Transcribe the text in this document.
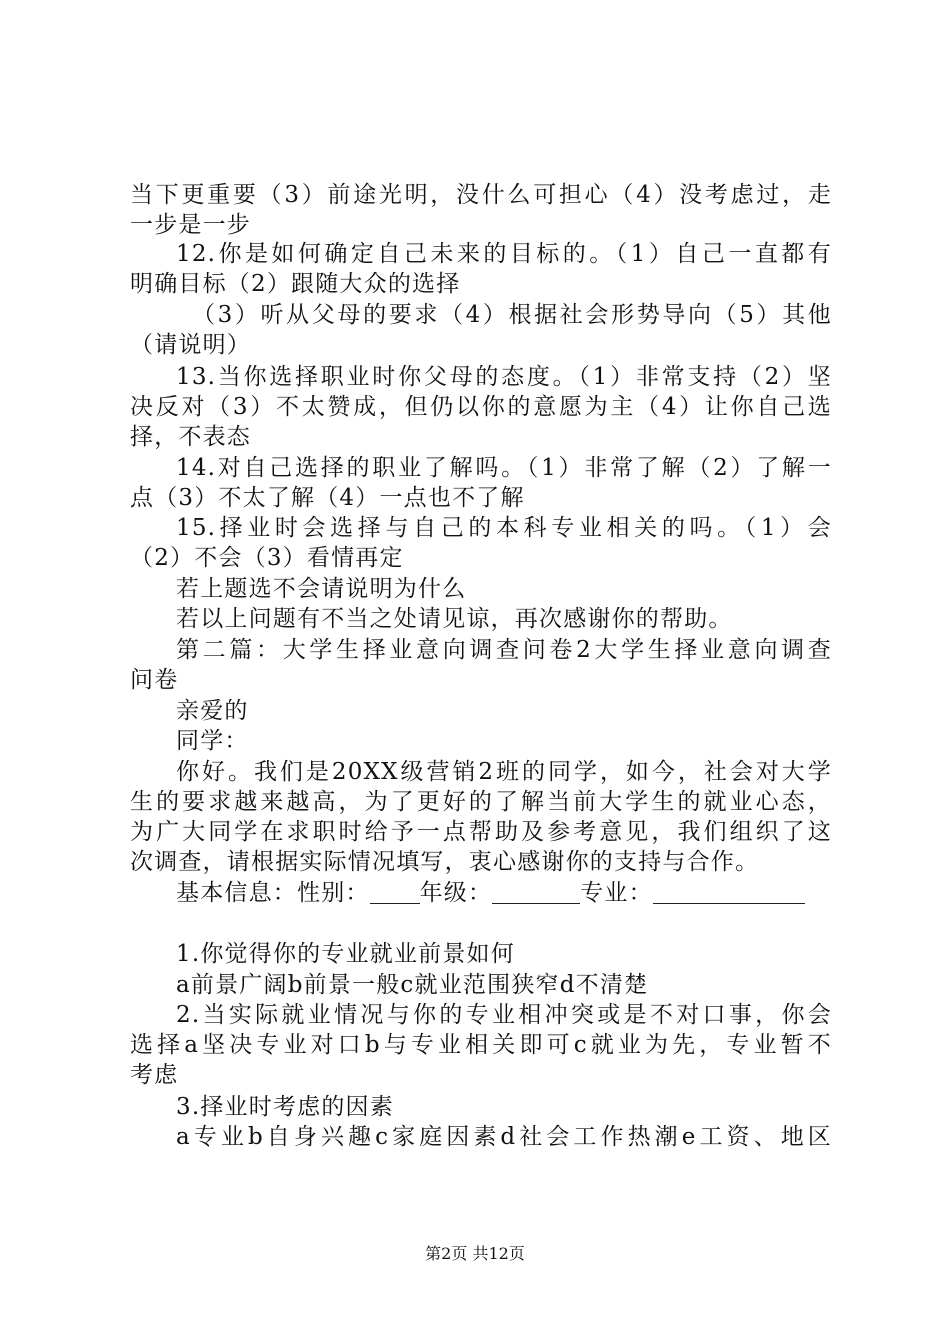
当下更重要（3）前途光明，没什么可担心（4）没考虑过，走

一步是一步

12.你是如何确定自己未来的目标的。（1）自己一直都有

明确目标（2）跟随大众的选择

（3）听从父母的要求（4）根据社会形势导向（5）其他

（请说明）

13.当你选择职业时你父母的态度。（1）非常支持（2）坚

决反对（3）不太赞成，但仍以你的意愿为主（4）让你自己选

择，不表态

14.对自己选择的职业了解吗。（1）非常了解（2）了解一

点（3）不太了解（4）一点也不了解

15.择业时会选择与自己的本科专业相关的吗。（1）会

（2）不会（3）看情再定

若上题选不会请说明为什么

若以上问题有不当之处请见谅，再次感谢你的帮助。

第二篇：大学生择业意向调查问卷2大学生择业意向调查

问卷

亲爱的

同学：

你好。我们是20XX级营销2班的同学，如今，社会对大学

生的要求越来越高，为了更好的了解当前大学生的就业心态，

为广大同学在求职时给予一点帮助及参考意见，我们组织了这

次调查，请根据实际情况填写，衷心感谢你的支持与合作。

基本信息：性别： 年级：	专业：

1.你觉得你的专业就业前景如何

a前景广阔b前景一般c就业范围狭窄d不清楚

2.当实际就业情况与你的专业相冲突或是不对口事，你会

选择a坚决专业对口b与专业相关即可c就业为先，专业暂不

考虑

3.择业时考虑的因素

a专业b自身兴趣c家庭因素d社会工作热潮e工资、地区

第2页 共12页
